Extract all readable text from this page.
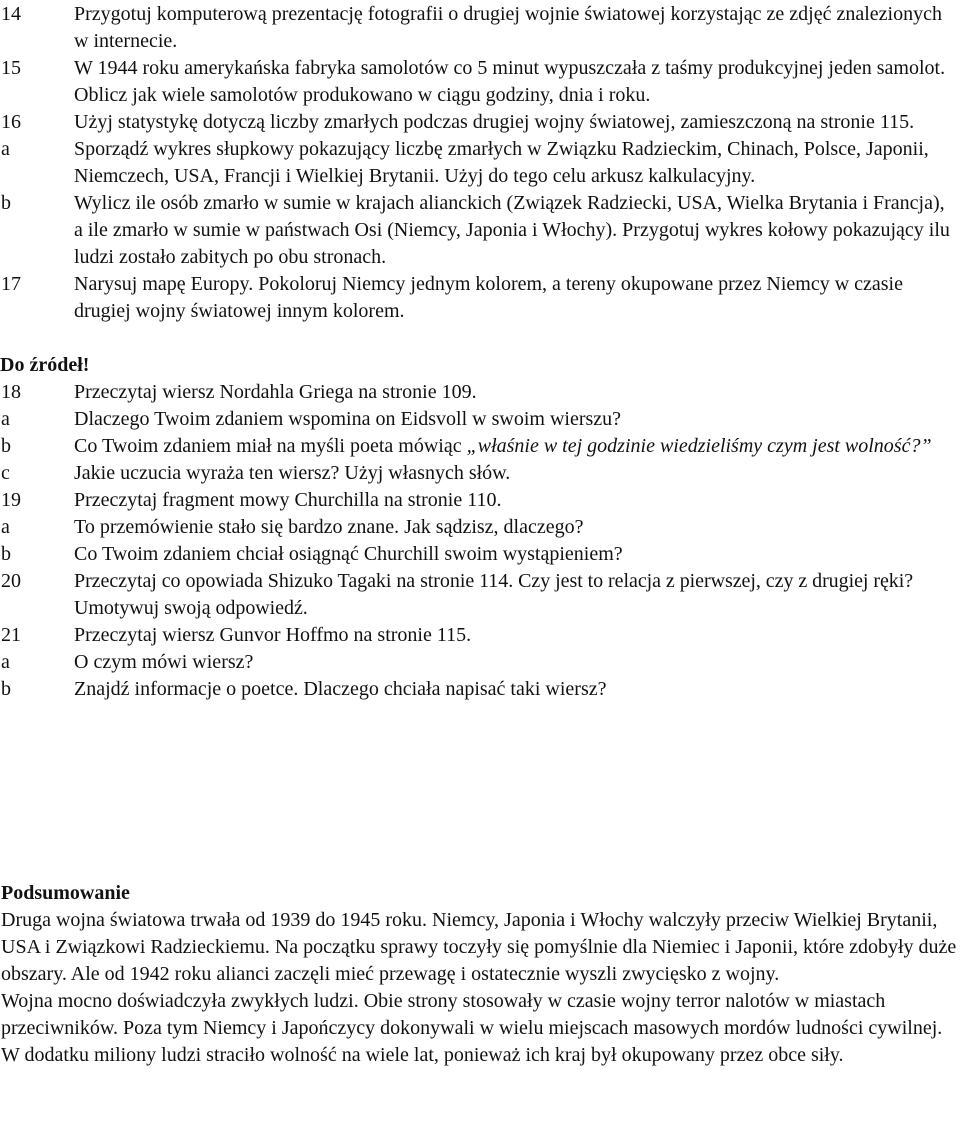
14	Przygotuj komputerową prezentację fotografii o drugiej wojnie światowej korzystając ze zdjęć znalezionych w internecie.
15	W 1944 roku amerykańska fabryka samolotów co 5 minut wypuszczała z taśmy produkcyjnej jeden samolot. Oblicz jak wiele samolotów produkowano w ciągu godziny, dnia i roku.
16	Użyj statystykę dotyczą liczby zmarłych podczas drugiej wojny światowej, zamieszczoną na stronie 115.
a	Sporządź wykres słupkowy pokazujący liczbę zmarłych w Związku Radzieckim, Chinach, Polsce, Japonii, Niemczech, USA, Francji i Wielkiej Brytanii. Użyj do tego celu arkusz kalkulacyjny.
b	Wylicz ile osób zmarło w sumie w krajach alianckich (Związek Radziecki, USA, Wielka Brytania i Francja), a ile zmarło w sumie w państwach Osi (Niemcy, Japonia i Włochy). Przygotuj wykres kołowy pokazujący ilu ludzi zostało zabitych po obu stronach.
17	Narysuj mapę Europy. Pokoloruj Niemcy jednym kolorem, a tereny okupowane przez Niemcy w czasie drugiej wojny światowej innym kolorem.
Do źródeł!
18	Przeczytaj wiersz Nordahla Griega na stronie 109.
a	Dlaczego Twoim zdaniem wspomina on Eidsvoll w swoim wierszu?
b	Co Twoim zdaniem miał na myśli poeta mówiąc „właśnie w tej godzinie wiedzieliśmy czym jest wolność?”
c	Jakie uczucia wyraża ten wiersz? Użyj własnych słów.
19	Przeczytaj fragment mowy Churchilla na stronie 110.
a	To przemówienie stało się bardzo znane. Jak sądzisz, dlaczego?
b	Co Twoim zdaniem chciał osiągnąć Churchill swoim wystąpieniem?
20	Przeczytaj co opowiada Shizuko Tagaki na stronie 114. Czy jest to relacja z pierwszej, czy z drugiej ręki? Umotywuj swoją odpowiedź.
21	Przeczytaj wiersz Gunvor Hoffmo na stronie 115.
a	O czym mówi wiersz?
b	Znajdź informacje o poetce. Dlaczego chciała napisać taki wiersz?

Podsumowanie

Druga wojna światowa trwała od 1939 do 1945 roku. Niemcy, Japonia i Włochy walczyły przeciw Wielkiej Brytanii, USA i Związkowi Radzieckiemu. Na początku sprawy toczyły się pomyślnie dla Niemiec i Japonii, które zdobyły duże obszary. Ale od 1942 roku alianci zaczęli mieć przewagę i ostatecznie wyszli zwycięsko z wojny.

Wojna mocno doświadczyła zwykłych ludzi. Obie strony stosowały w czasie wojny terror nalotów w miastach przeciwników. Poza tym Niemcy i Japończycy dokonywali w wielu miejscach masowych mordów ludności cywilnej. W dodatku miliony ludzi straciło wolność na wiele lat, ponieważ ich kraj był okupowany przez obce siły.
